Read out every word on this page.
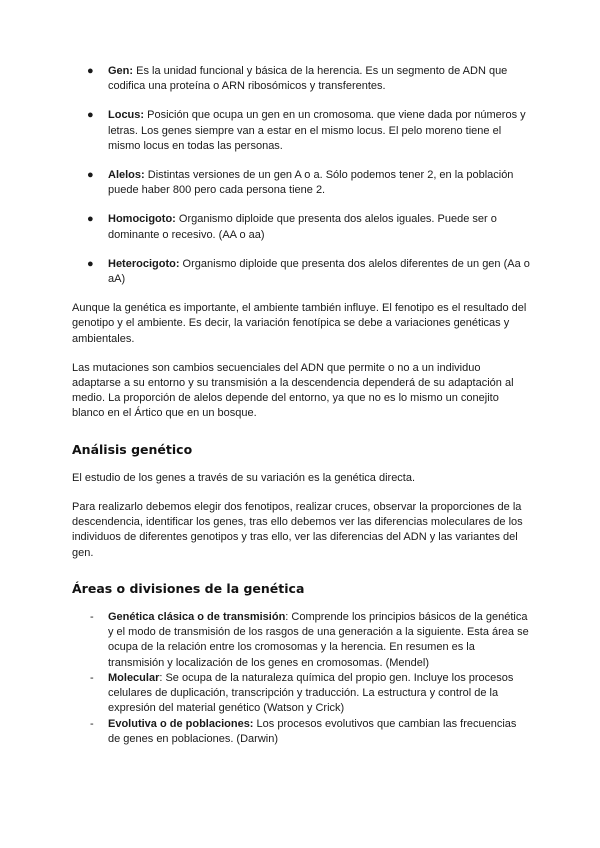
● Gen: Es la unidad funcional y básica de la herencia. Es un segmento de ADN que codifica una proteína o ARN ribosómicos y transferentes.
● Locus: Posición que ocupa un gen en un cromosoma. que viene dada por números y letras. Los genes siempre van a estar en el mismo locus. El pelo moreno tiene el mismo locus en todas las personas.
● Alelos: Distintas versiones de un gen A o a. Sólo podemos tener 2, en la población puede haber 800 pero cada persona tiene 2.
● Homocigoto: Organismo diploide que presenta dos alelos iguales. Puede ser o dominante o recesivo. (AA o aa)
● Heterocigoto: Organismo diploide que presenta dos alelos diferentes de un gen (Aa o aA)

Aunque la genética es importante, el ambiente también influye. El fenotipo es el resultado del genotipo y el ambiente. Es decir, la variación fenotípica se debe a variaciones genéticas y ambientales.

Las mutaciones son cambios secuenciales del ADN que permite o no a un individuo adaptarse a su entorno y su transmisión a la descendencia dependerá de su adaptación al medio. La proporción de alelos depende del entorno, ya que no es lo mismo un conejito blanco en el Ártico que en un bosque.

Análisis genético

El estudio de los genes a través de su variación es la genética directa.

Para realizarlo debemos elegir dos fenotipos, realizar cruces, observar la proporciones de la descendencia, identificar los genes, tras ello debemos ver las diferencias moleculares de los individuos de diferentes genotipos y tras ello, ver las diferencias del ADN y las variantes del gen.

Áreas o divisiones de la genética
- Genética clásica o de transmisión: Comprende los principios básicos de la genética y el modo de transmisión de los rasgos de una generación a la siguiente. Esta área se ocupa de la relación entre los cromosomas y la herencia. En resumen es la transmisión y localización de los genes en cromosomas. (Mendel)
- Molecular: Se ocupa de la naturaleza química del propio gen. Incluye los procesos celulares de duplicación, transcripción y traducción. La estructura y control de la expresión del material genético (Watson y Crick)
- Evolutiva o de poblaciones: Los procesos evolutivos que cambian las frecuencias de genes en poblaciones. (Darwin)
